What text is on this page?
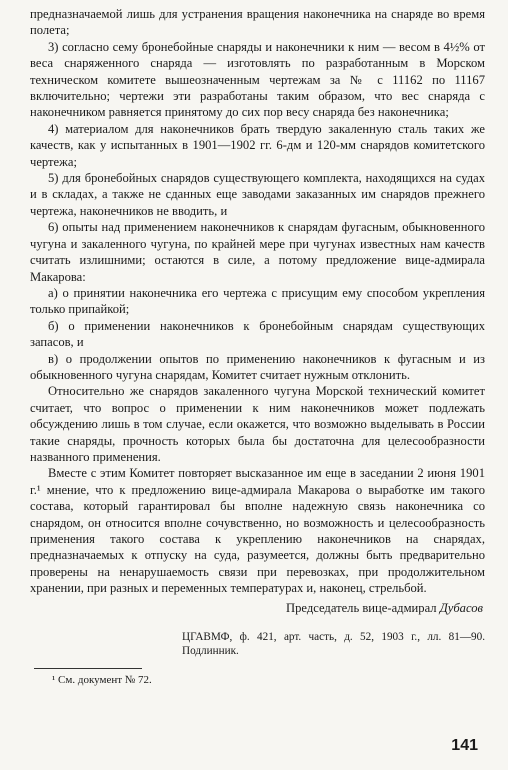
предназначаемой лишь для устранения вращения наконечника на снаряде во время полета;

3) согласно сему бронебойные снаряды и наконечники к ним — весом в 4½% от веса снаряженного снаряда — изготовлять по разработанным в Морском техническом комитете вышеозначенным чертежам за № с 11162 по 11167 включительно; чертежи эти разработаны таким образом, что вес снаряда с наконечником равняется принятому до сих пор весу снаряда без наконечника;

4) материалом для наконечников брать твердую закаленную сталь таких же качеств, как у испытанных в 1901—1902 гг. 6-дм и 120-мм снарядов комитетского чертежа;

5) для бронебойных снарядов существующего комплекта, находящихся на судах и в складах, а также не сданных еще заводами заказанных им снарядов прежнего чертежа, наконечников не вводить, и

6) опыты над применением наконечников к снарядам фугасным, обыкновенного чугуна и закаленного чугуна, по крайней мере при чугунах известных нам качеств считать излишними; остаются в силе, а потому предложение вице-адмирала Макарова:

а) о принятии наконечника его чертежа с присущим ему способом укрепления только припайкой;

б) о применении наконечников к бронебойным снарядам существующих запасов, и

в) о продолжении опытов по применению наконечников к фугасным и из обыкновенного чугуна снарядам, Комитет считает нужным отклонить.

Относительно же снарядов закаленного чугуна Морской технический комитет считает, что вопрос о применении к ним наконечников может подлежать обсуждению лишь в том случае, если окажется, что возможно выделывать в России такие снаряды, прочность которых была бы достаточна для целесообразности названного применения.

Вместе с этим Комитет повторяет высказанное им еще в заседании 2 июня 1901 г.¹ мнение, что к предложению вице-адмирала Макарова о выработке им такого состава, который гарантировал бы вполне надежную связь наконечника со снарядом, он относится вполне сочувственно, но возможность и целесообразность применения такого состава к укреплению наконечников на снарядах, предназначаемых к отпуску на суда, разумеется, должны быть предварительно проверены на ненарушаемость связи при перевозках, при продолжительном хранении, при разных и переменных температурах и, наконец, стрельбой.

Председатель вице-адмирал Дубасов
ЦГАВМФ, ф. 421, арт. часть, д. 52, 1903 г., лл. 81—90. Подлинник.
¹ См. документ № 72.
141
